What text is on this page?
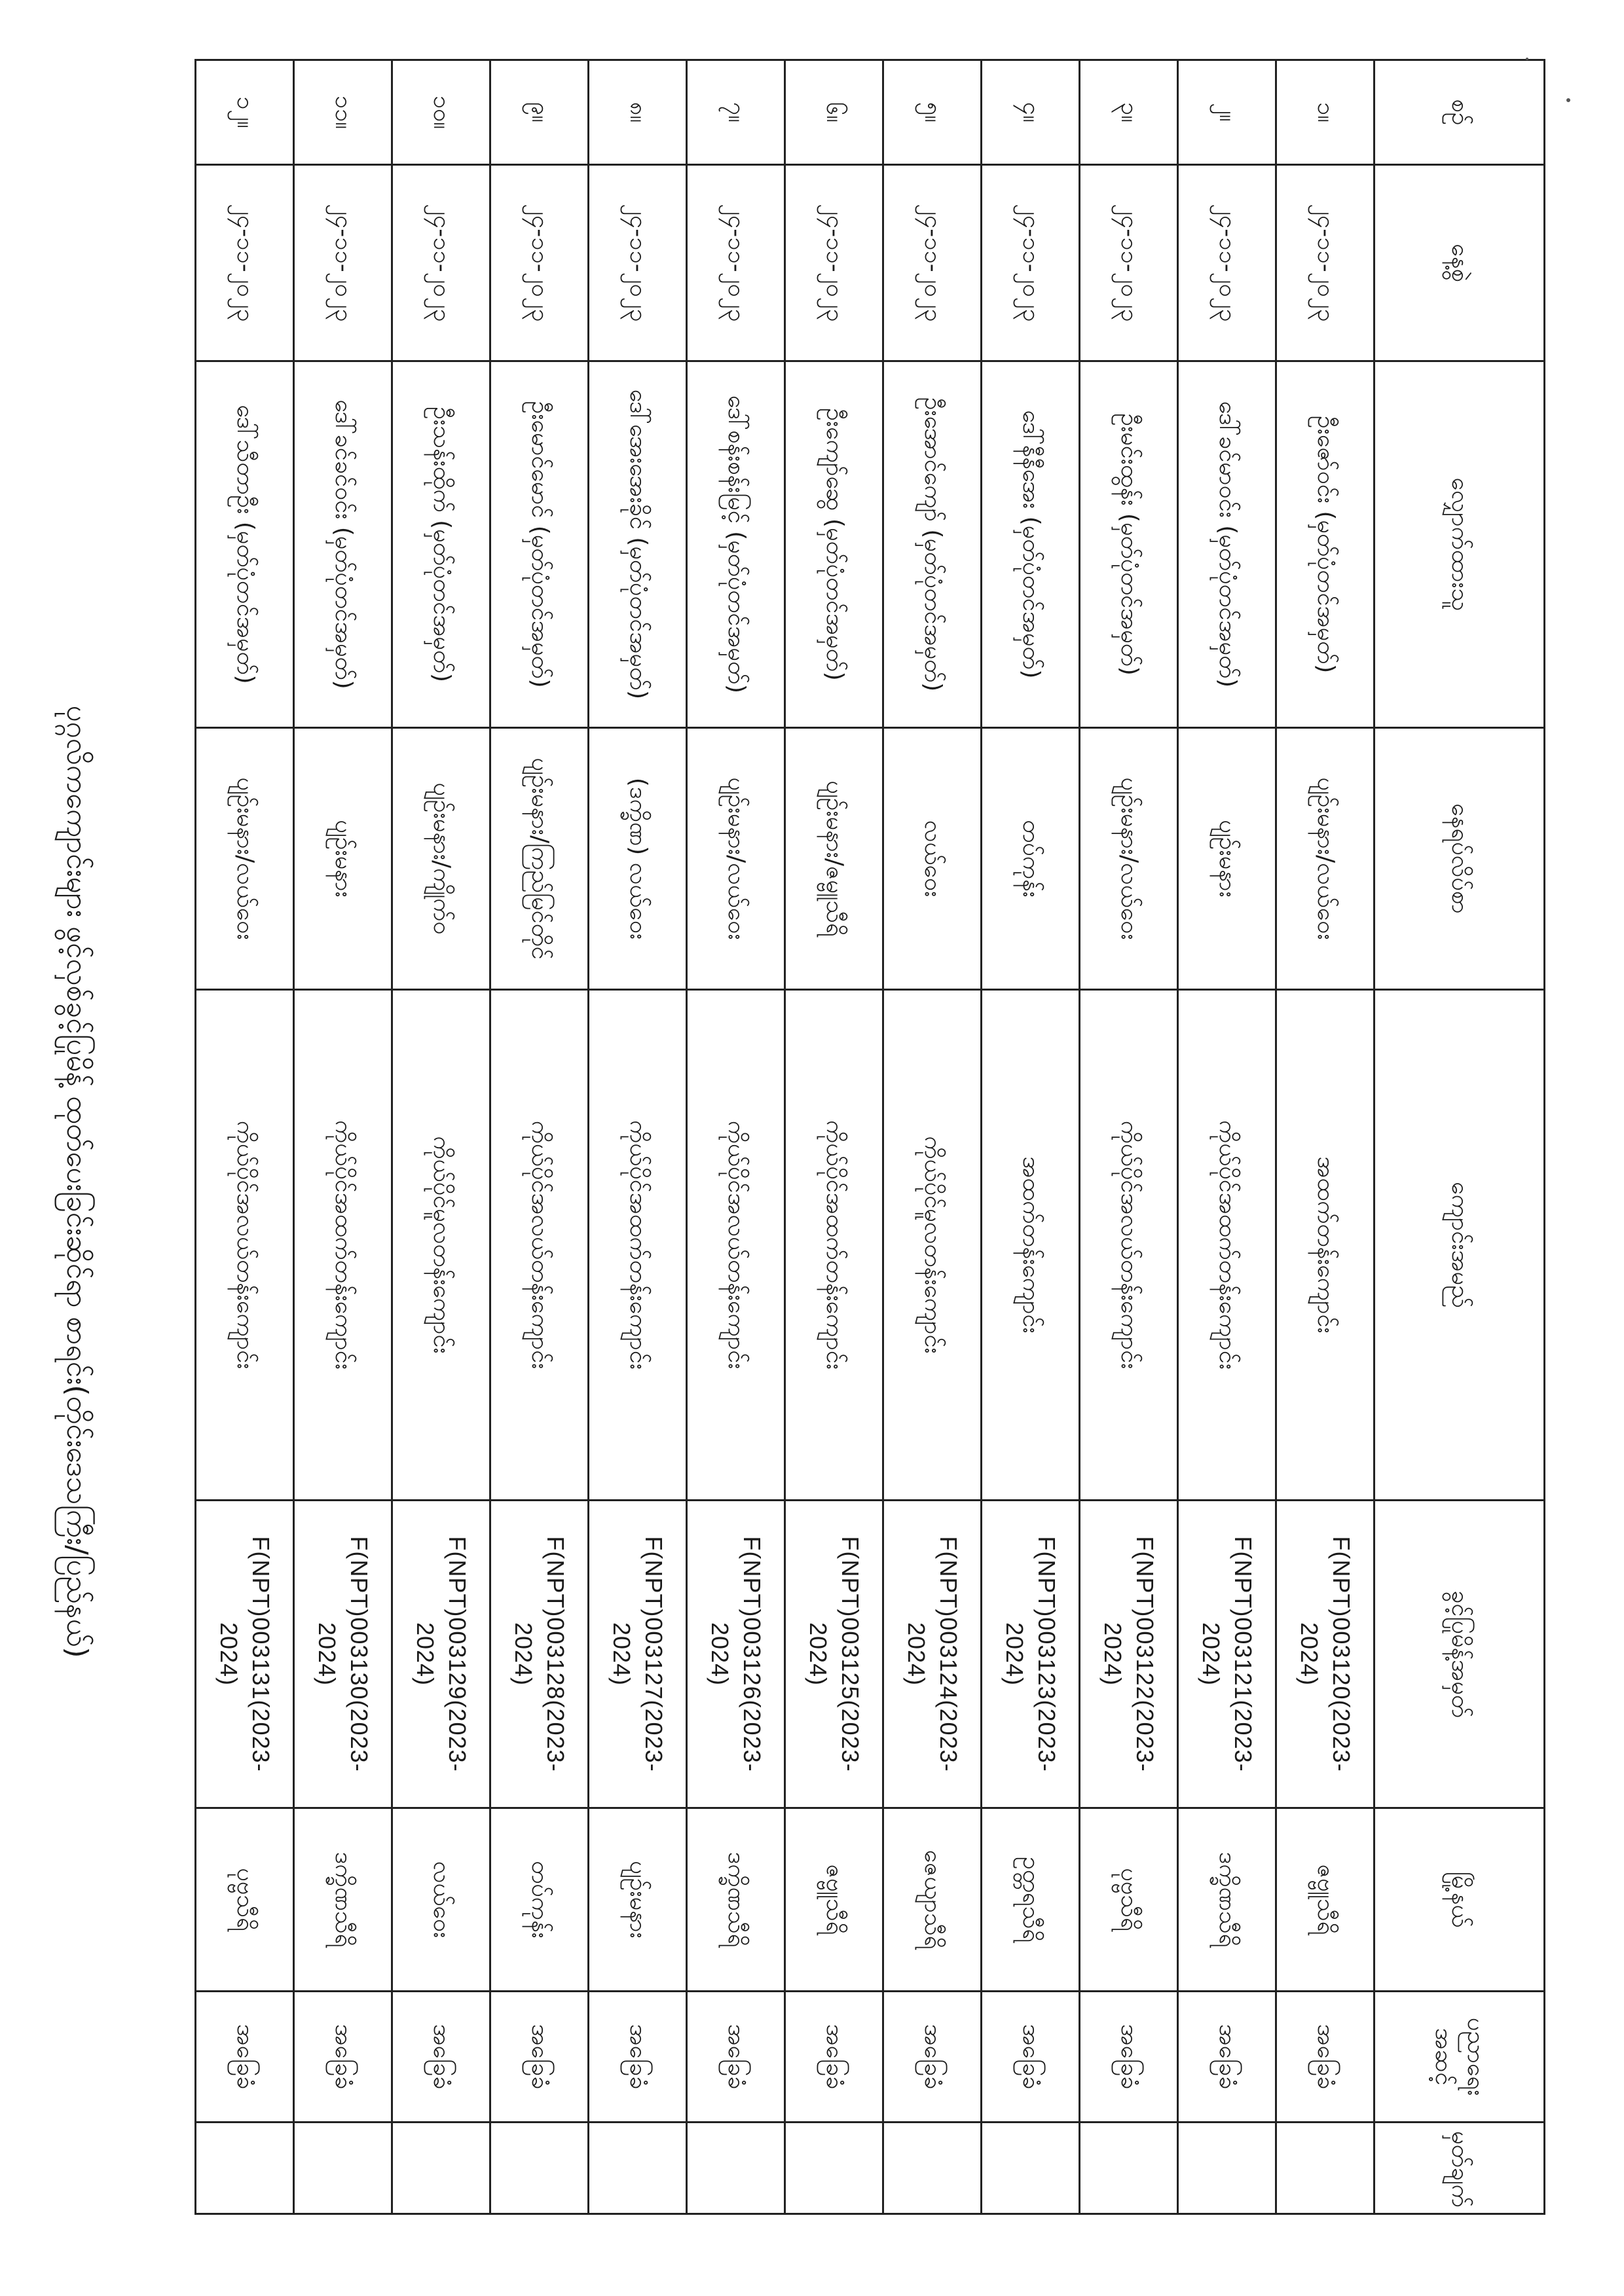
စဉ်	နေ့စွဲ	လျှောက်ထားသူ	နေရပ်လိပ်စာ	ကျောင်းအမည်	ခွင့်ပြုမိန့်အမှတ်	မြို့နယ်	ပညာရေး အဆင့်	မှတ်ချက်
၁။	၂၄-၁၁-၂၀၂၃	ဦးဇော်ဝင်း (မှတ်ပုံတင်အမှတ်)	ပျဉ်းမနား/လယ်ဝေး	အထက်တန်းကျောင်း	F(NPT)003120(2023-2024)	ဇဗ္ဗူသီရိ	အခြေခံ	
၂။	၂၄-၁၁-၂၀၂၃	ဒေါ်ခင်မာဝင်း (မှတ်ပုံတင်အမှတ်)	ပျဉ်းမနား	ကိုယ်ပိုင်အထက်တန်းကျောင်း	F(NPT)003121(2023-2024)	ဒက္ခိဏသီရိ	အခြေခံ	
၃။	၂၄-၁၁-၂၀၂၃	ဦးမင်းထွန်း (မှတ်ပုံတင်အမှတ်)	ပျဉ်းမနား/လယ်ဝေး	ကိုယ်ပိုင်အလယ်တန်းကျောင်း	F(NPT)003122(2023-2024)	ပုဗ္ဗသီရိ	အခြေခံ	
၄။	၂၄-၁၁-၂၀၂၃	ဒေါ်နီနီအေး (မှတ်ပုံတင်အမှတ်)	တပ်ကုန်း	အထက်တန်းကျောင်း	F(NPT)003123(2023-2024)	ဥတ္တရသီရိ	အခြေခံ	
၅။	၂၄-၁၁-၂၀၂၃	ဦးအောင်ကျော် (မှတ်ပုံတင်အမှတ်)	လယ်ဝေး	ကိုယ်ပိုင်မူလတန်းကျောင်း	F(NPT)003124(2023-2024)	ဇေယျာသီရိ	အခြေခံ	
၆။	၂၄-၁၁-၂၀၂၃	ဦးကျော်ဆွေ (မှတ်ပုံတင်အမှတ်)	ပျဉ်းမနား/ဇမ္ဗူသီရိ	ကိုယ်ပိုင်အထက်တန်းကျောင်း	F(NPT)003125(2023-2024)	ဇဗ္ဗူသီရိ	အခြေခံ	
၇။	၂၄-၁၁-၂၀၂၃	ဒေါ်စန်းစန်းမြင့် (မှတ်ပုံတင်အမှတ်)	ပျဉ်းမနား/လယ်ဝေး	ကိုယ်ပိုင်အလယ်တန်းကျောင်း	F(NPT)003126(2023-2024)	ဒက္ခိဏသီရိ	အခြေခံ	
၈။	၂၄-၁၁-၂၀၂၃	ဒေါ်အေးအေးခိုင် (မှတ်ပုံတင်အမှတ်)	(ဒက္ခိဏ) လယ်ဝေး	ကိုယ်ပိုင်အထက်တန်းကျောင်း	F(NPT)003127(2023-2024)	ပျဉ်းမနား	အခြေခံ	
၉။	၂၄-၁၁-၂၀၂၃	ဦးမောင်မောင် (မှတ်ပုံတင်အမှတ်)	ပျဉ်းမနား/ကြည်မြင်တိုင်	ကိုယ်ပိုင်အလယ်တန်းကျောင်း	F(NPT)003128(2023-2024)	တပ်ကုန်း	အခြေခံ	
၁၀။	၂၄-၁၁-၂၀၂၃	ဦးသန်းထိုက် (မှတ်ပုံတင်အမှတ်)	ပျဉ်းမနား/ကျိုက်ဝ	ကိုယ်ပိုင်မူလတန်းကျောင်း	F(NPT)003129(2023-2024)	လယ်ဝေး	အခြေခံ	
၁၁။	၂၄-၁၁-၂၀၂၃	ဒေါ်ခင်ခင်ဝင်း (မှတ်ပုံတင်အမှတ်)	ပျဉ်းမနား	ကိုယ်ပိုင်အထက်တန်းကျောင်း	F(NPT)003130(2023-2024)	ဒက္ခိဏသီရိ	အခြေခံ	
၁၂။	၂၄-၁၁-၂၀၂၃	ဒေါ်သီတာဦး (မှတ်ပုံတင်အမှတ်)	ပျဉ်းမနား/လယ်ဝေး	ကိုယ်ပိုင်အလယ်တန်းကျောင်း	F(NPT)003131(2023-2024)	ပုဗ္ဗသီရိ	အခြေခံ	
ပုဂ္ဂလိကကျောင်းများ ဖွင့်လှစ်ခွင့်ပြုမိန့် ထုတ်ပေးခြင်းဆိုင်ရာ စာရင်း(တိုင်းဒေသကြီး/ပြည်နယ်)
